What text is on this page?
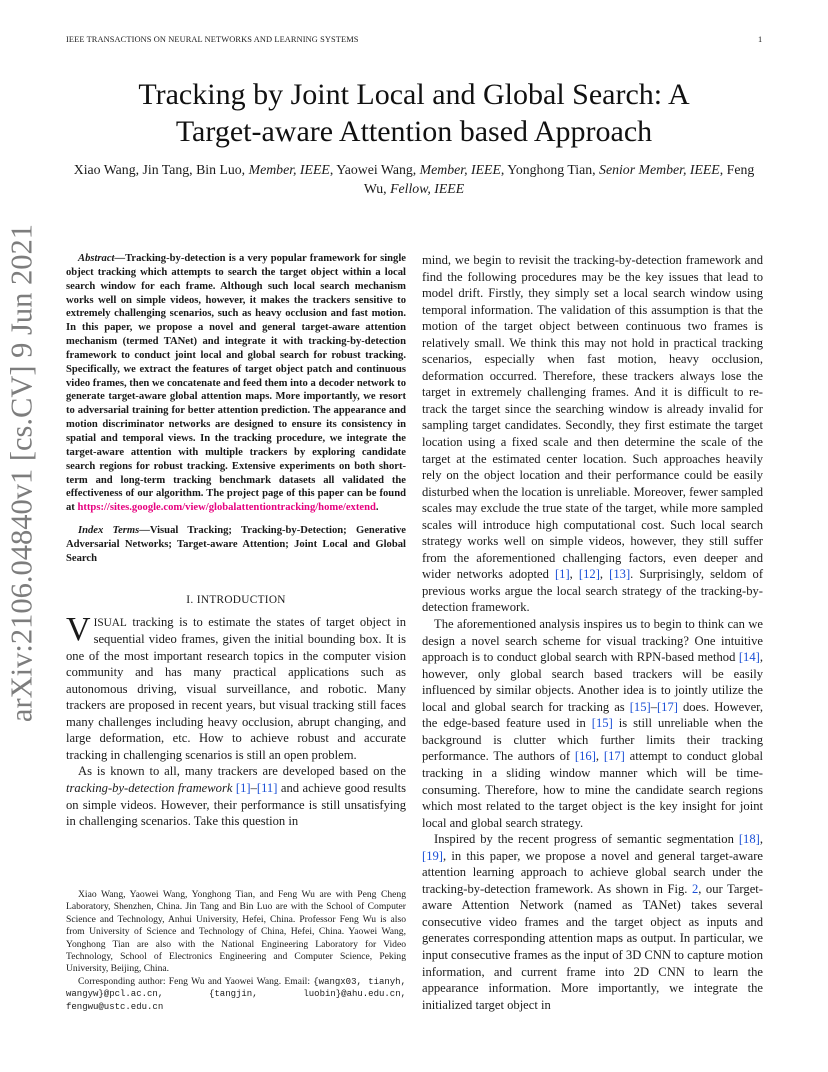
IEEE TRANSACTIONS ON NEURAL NETWORKS AND LEARNING SYSTEMS	1
arXiv:2106.04840v1 [cs.CV] 9 Jun 2021
Tracking by Joint Local and Global Search: A
Target-aware Attention based Approach
Xiao Wang, Jin Tang, Bin Luo, Member, IEEE, Yaowei Wang, Member, IEEE, Yonghong Tian, Senior Member, IEEE, Feng Wu, Fellow, IEEE

Abstract—Tracking-by-detection is a very popular framework for single object tracking which attempts to search the target object within a local search window for each frame. Although such local search mechanism works well on simple videos, however, it makes the trackers sensitive to extremely challenging scenarios, such as heavy occlusion and fast motion. In this paper, we propose a novel and general target-aware attention mechanism (termed TANet) and integrate it with tracking-by-detection framework to conduct joint local and global search for robust tracking. Specifically, we extract the features of target object patch and continuous video frames, then we concatenate and feed them into a decoder network to generate target-aware global attention maps. More importantly, we resort to adversarial training for better attention prediction. The appearance and motion discriminator networks are designed to ensure its consistency in spatial and temporal views. In the tracking procedure, we integrate the target-aware attention with multiple trackers by exploring candidate search regions for robust tracking. Extensive experiments on both short-term and long-term tracking benchmark datasets all validated the effectiveness of our algorithm. The project page of this paper can be found at https://sites.google.com/view/globalattentiontracking/home/extend.

Index Terms—Visual Tracking; Tracking-by-Detection; Generative Adversarial Networks; Target-aware Attention; Joint Local and Global Search

I. INTRODUCTION

VISUAL tracking is to estimate the states of target object in sequential video frames, given the initial bounding box. It is one of the most important research topics in the computer vision community and has many practical applications such as autonomous driving, visual surveillance, and robotic. Many trackers are proposed in recent years, but visual tracking still faces many challenges including heavy occlusion, abrupt changing, and large deformation, etc. How to achieve robust and accurate tracking in challenging scenarios is still an open problem.

As is known to all, many trackers are developed based on the tracking-by-detection framework [1]–[11] and achieve good results on simple videos. However, their performance is still unsatisfying in challenging scenarios. Take this question in

Xiao Wang, Yaowei Wang, Yonghong Tian, and Feng Wu are with Peng Cheng Laboratory, Shenzhen, China. Jin Tang and Bin Luo are with the School of Computer Science and Technology, Anhui University, Hefei, China. Professor Feng Wu is also from University of Science and Technology of China, Hefei, China. Yaowei Wang, Yonghong Tian are also with the National Engineering Laboratory for Video Technology, School of Electronics Engineering and Computer Science, Peking University, Beijing, China.

Corresponding author: Feng Wu and Yaowei Wang. Email: {wangx03, tianyh, wangyw}@pcl.ac.cn, {tangjin, luobin}@ahu.edu.cn, fengwu@ustc.edu.cn

mind, we begin to revisit the tracking-by-detection framework and find the following procedures may be the key issues that lead to model drift. Firstly, they simply set a local search window using temporal information. The validation of this assumption is that the motion of the target object between continuous two frames is relatively small. We think this may not hold in practical tracking scenarios, especially when fast motion, heavy occlusion, deformation occurred. Therefore, these trackers always lose the target in extremely challenging frames. And it is difficult to re-track the target since the searching window is already invalid for sampling target candidates. Secondly, they first estimate the target location using a fixed scale and then determine the scale of the target at the estimated center location. Such approaches heavily rely on the object location and their performance could be easily disturbed when the location is unreliable. Moreover, fewer sampled scales may exclude the true state of the target, while more sampled scales will introduce high computational cost. Such local search strategy works well on simple videos, however, they still suffer from the aforementioned challenging factors, even deeper and wider networks adopted [1], [12], [13]. Surprisingly, seldom of previous works argue the local search strategy of the tracking-by-detection framework.

The aforementioned analysis inspires us to begin to think can we design a novel search scheme for visual tracking? One intuitive approach is to conduct global search with RPN-based method [14], however, only global search based trackers will be easily influenced by similar objects. Another idea is to jointly utilize the local and global search for tracking as [15]–[17] does. However, the edge-based feature used in [15] is still unreliable when the background is clutter which further limits their tracking performance. The authors of [16], [17] attempt to conduct global tracking in a sliding window manner which will be time-consuming. Therefore, how to mine the candidate search regions which most related to the target object is the key insight for joint local and global search strategy.

Inspired by the recent progress of semantic segmentation [18], [19], in this paper, we propose a novel and general target-aware attention learning approach to achieve global search under the tracking-by-detection framework. As shown in Fig. 2, our Target-aware Attention Network (named as TANet) takes several consecutive video frames and the target object as inputs and generates corresponding attention maps as output. In particular, we input consecutive frames as the input of 3D CNN to capture motion information, and current frame into 2D CNN to learn the appearance information. More importantly, we integrate the initialized target object in
